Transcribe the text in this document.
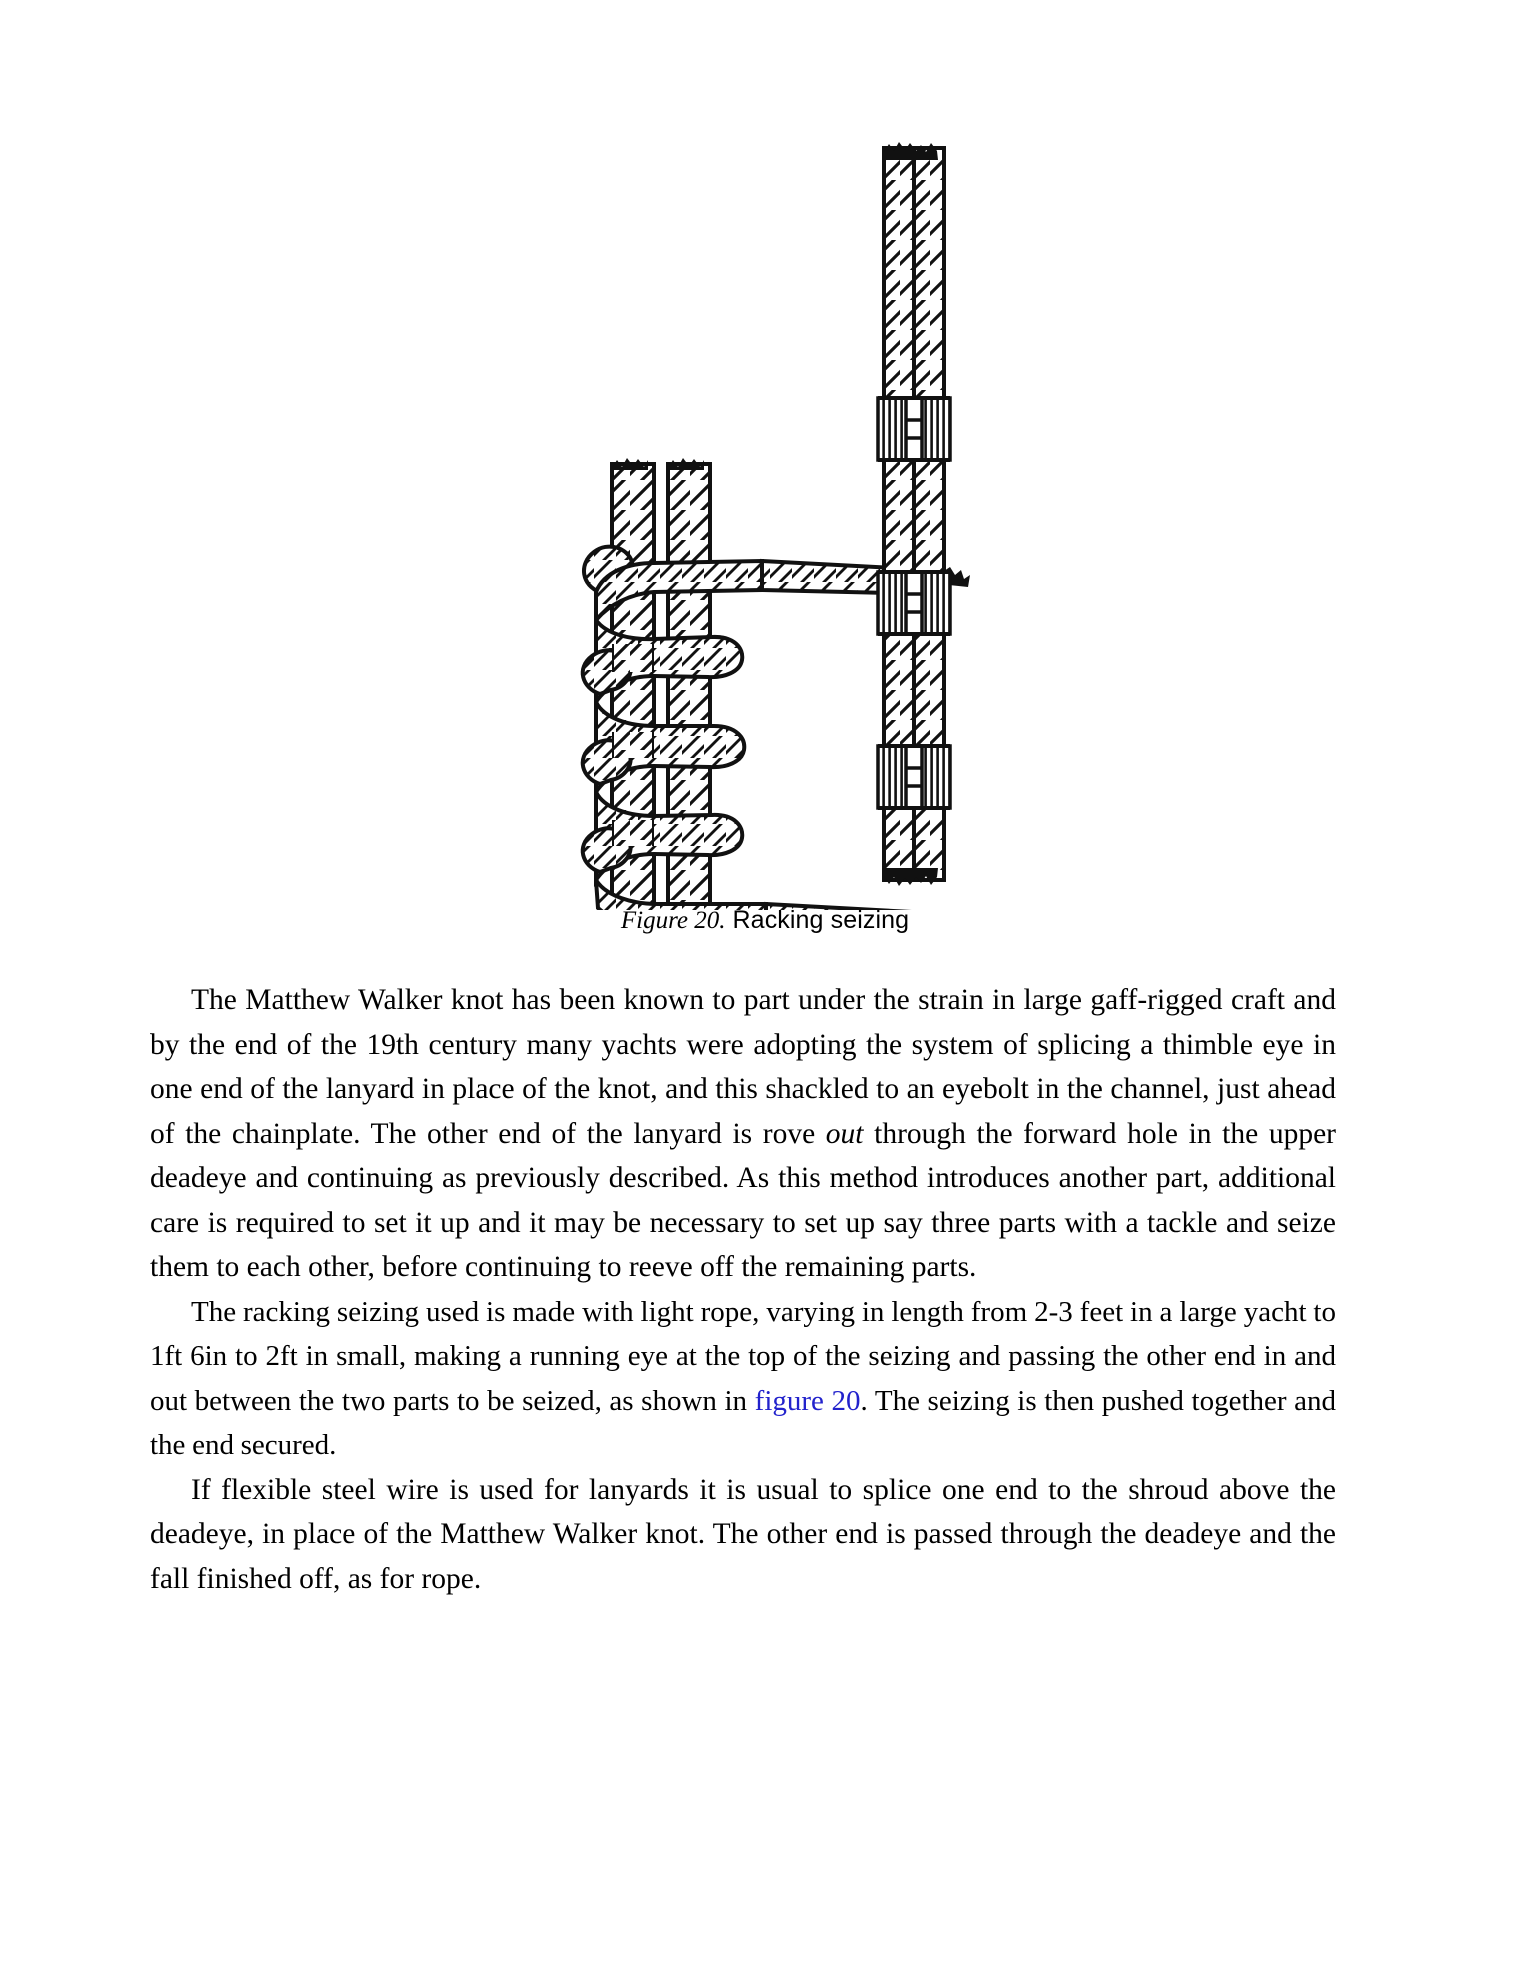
Figure 20. Racking seizing

The Matthew Walker knot has been known to part under the strain in large gaff-rigged craft and by the end of the 19th century many yachts were adopting the system of splicing a thimble eye in one end of the lanyard in place of the knot, and this shackled to an eyebolt in the channel, just ahead of the chainplate. The other end of the lanyard is rove out through the forward hole in the upper deadeye and continuing as previously described. As this method introduces another part, additional care is required to set it up and it may be necessary to set up say three parts with a tackle and seize them to each other, before continuing to reeve off the remaining parts.

The racking seizing used is made with light rope, varying in length from 2-3 feet in a large yacht to 1ft 6in to 2ft in small, making a running eye at the top of the seizing and passing the other end in and out between the two parts to be seized, as shown in figure 20. The seizing is then pushed together and the end secured.

If flexible steel wire is used for lanyards it is usual to splice one end to the shroud above the deadeye, in place of the Matthew Walker knot. The other end is passed through the deadeye and the fall finished off, as for rope.
